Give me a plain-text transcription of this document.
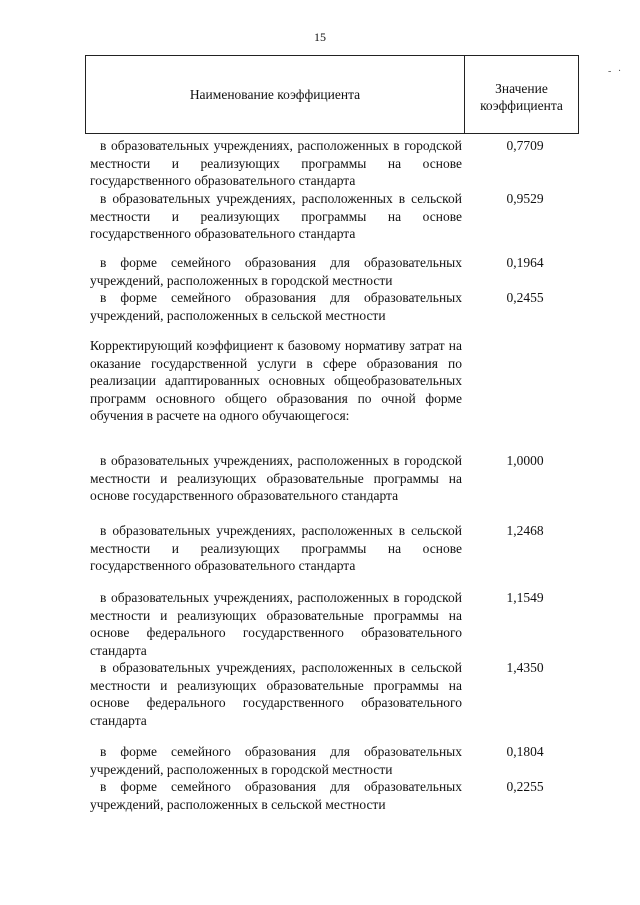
15
- ·
Наименование коэффициента	Значение
коэффициента
в образовательных учреждениях, расположенных в городской местности и реализующих программы на основе государственного образовательного стандарта
0,7709
в образовательных учреждениях, расположенных в сельской местности и реализующих программы на основе государственного образовательного стандарта
0,9529
в форме семейного образования для образовательных учреждений, расположенных в городской местности
0,1964
в форме семейного образования для образовательных учреждений, расположенных в сельской местности
0,2455
Корректирующий коэффициент к базовому нормативу затрат на оказание государственной услуги в сфере образования по реализации адаптированных основных общеобразовательных программ основного общего образования по очной форме обучения в расчете на одного обучающегося:
в образовательных учреждениях, расположенных в городской местности и реализующих образовательные программы на основе государственного образовательного стандарта
1,0000
в образовательных учреждениях, расположенных в сельской местности и реализующих программы на основе государственного образовательного стандарта
1,2468
в образовательных учреждениях, расположенных в городской местности и реализующих образовательные программы на основе федерального государственного образовательного стандарта
1,1549
в образовательных учреждениях, расположенных в сельской местности и реализующих образовательные программы на основе федерального государственного образовательного стандарта
1,4350
в форме семейного образования для образовательных учреждений, расположенных в городской местности
0,1804
в форме семейного образования для образовательных учреждений, расположенных в сельской местности
0,2255
